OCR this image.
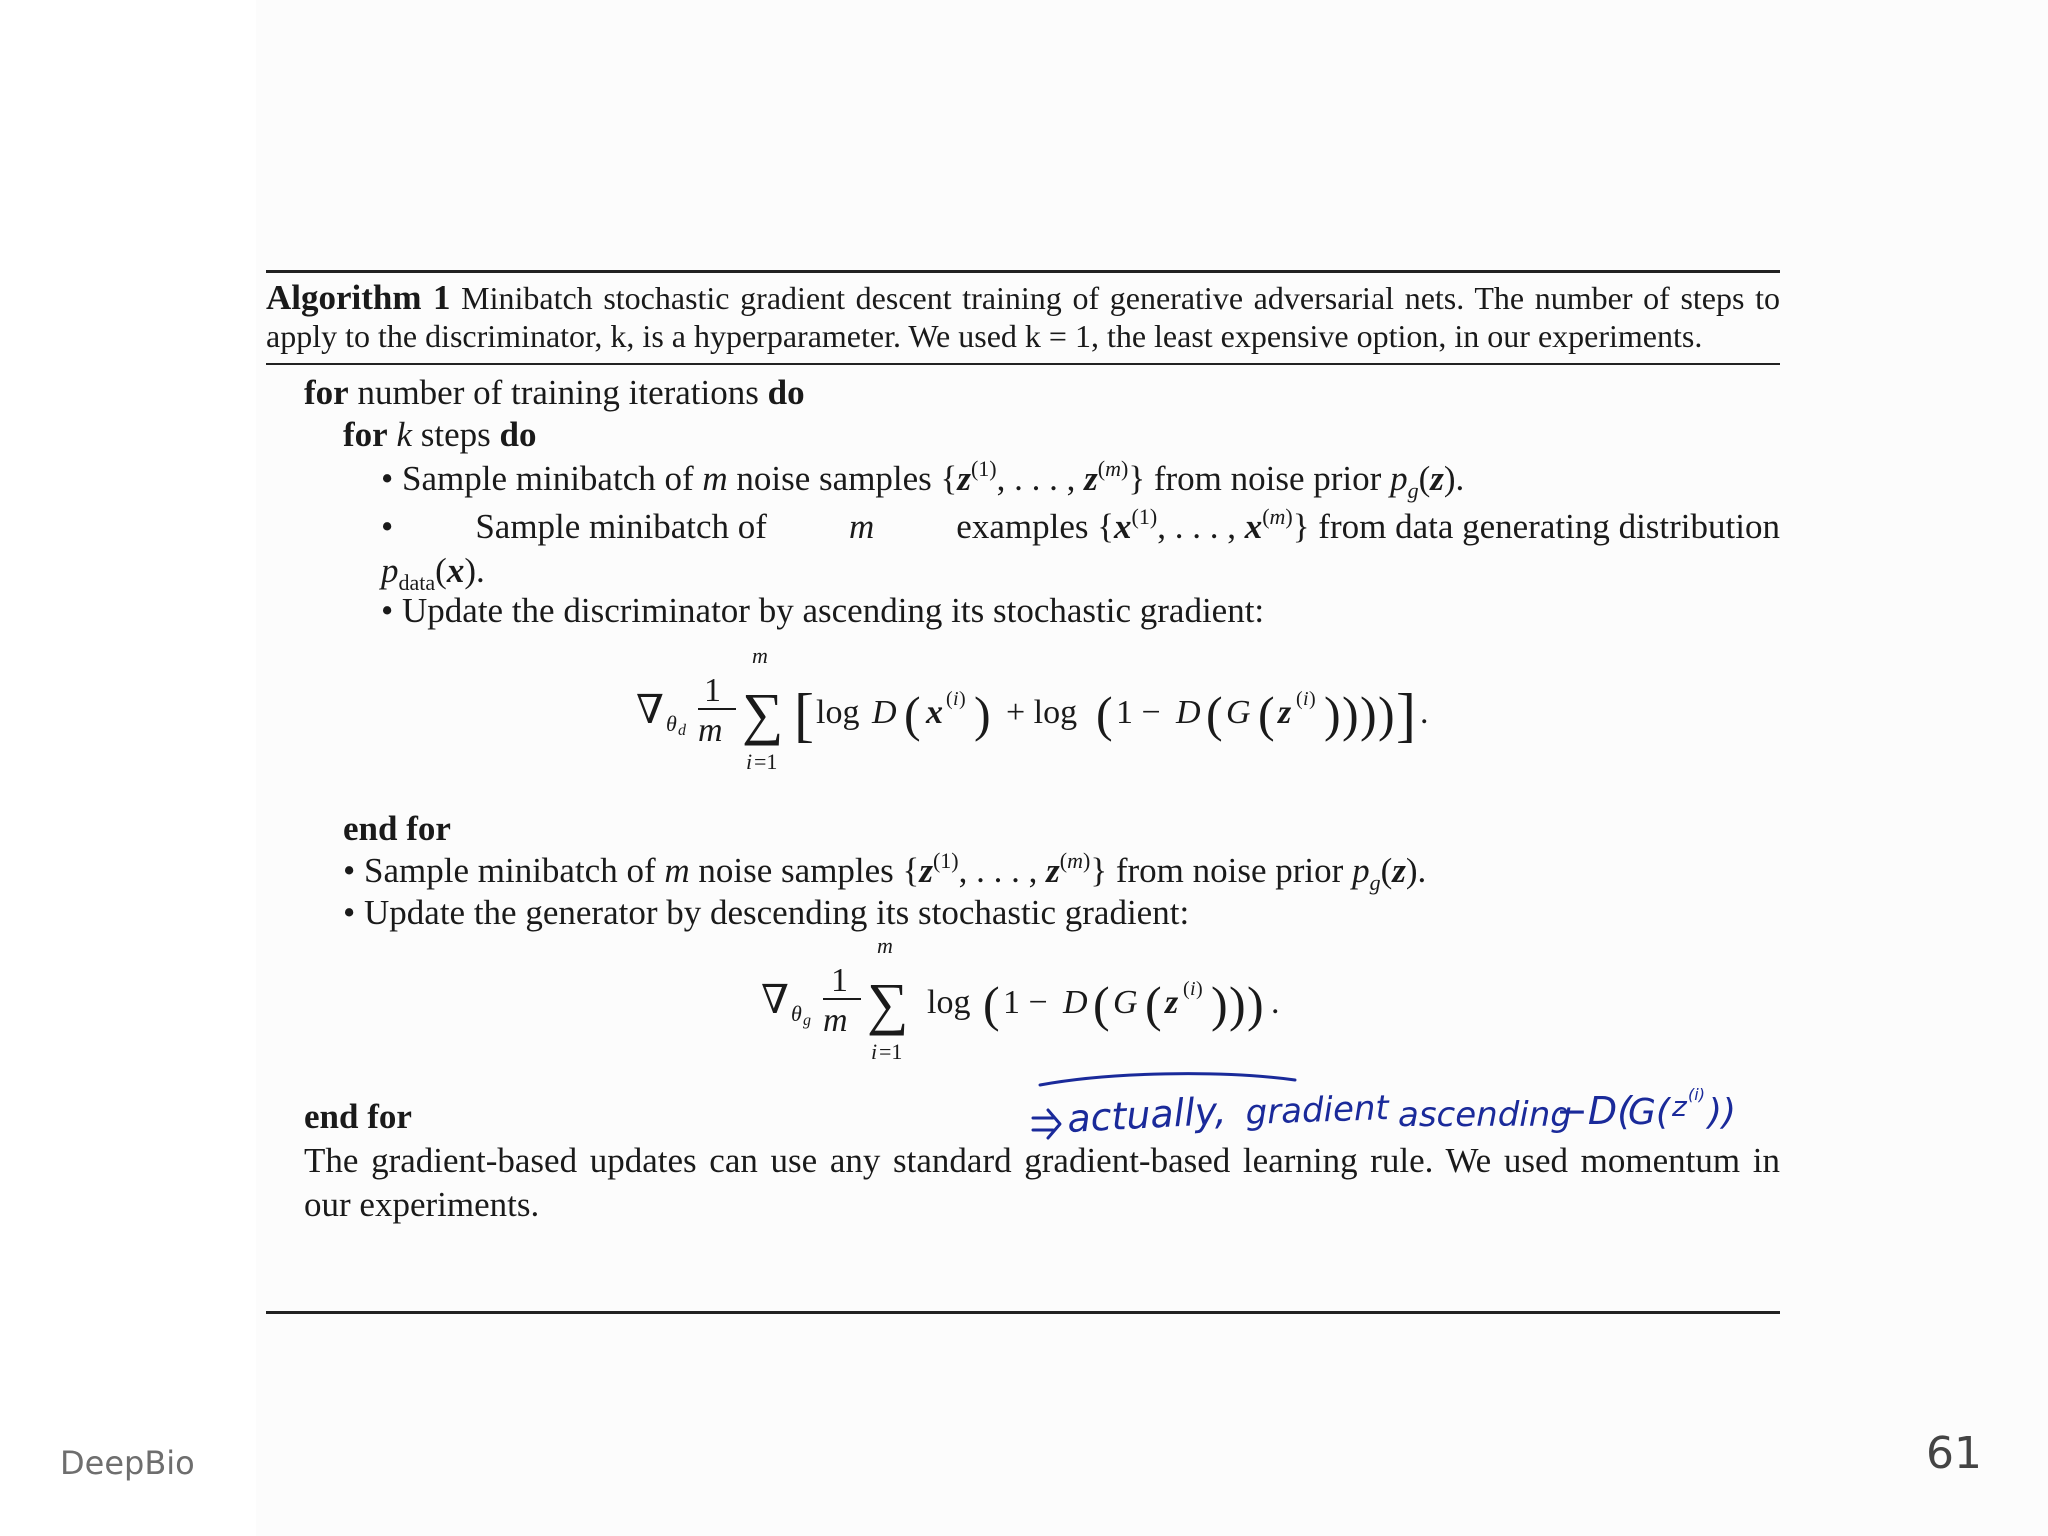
Algorithm 1 Minibatch stochastic gradient descent training of generative adversarial nets. The number of steps to apply to the discriminator, k, is a hyperparameter. We used k = 1, the least expensive option, in our experiments.
for number of training iterations do
for k steps do
• Sample minibatch of m noise samples {$z^{(1)}$, . . . , $z^{(m)}$} from noise prior $p_g(z)$.
• Sample minibatch of m examples {$x^{(1)}$, . . . , $x^{(m)}$} from data generating distribution
$p_{data}(x)$.
• Update the discriminator by ascending its stochastic gradient:
∇ θ d
1
m
m
∑
i =1
[ log D ( x ( i ) ) + log ( 1 − D ( G ( z ( i ) ) ) ) ) ] .
end for
• Sample minibatch of m noise samples {$z^{(1)}$, . . . , $z^{(m)}$} from noise prior $p_g(z)$.
• Update the generator by descending its stochastic gradient:
∇ θ g
1
m
m
∑
i =1
log ( 1 − D ( G ( z ( i ) ) ) ) .
end for
The gradient-based updates can use any standard gradient-based learning rule. We used momentum in our experiments.
actually, gradient ascending
−D(
G( z (i) ))
DeepBio	61
